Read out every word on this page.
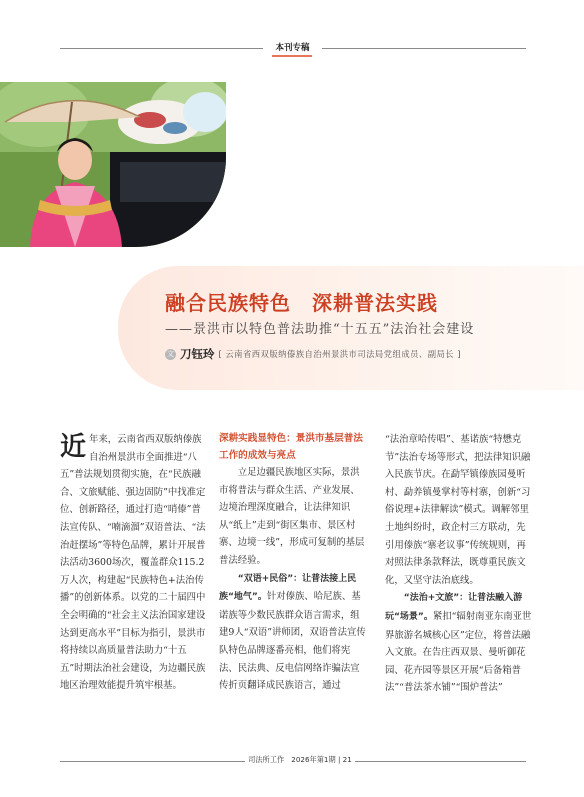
本刊专稿
融合民族特色　深耕普法实践
——景洪市以特色普法助推“十五五”法治社会建设
文 刀钰玲 [ 云南省西双版纳傣族自治州景洪市司法局党组成员、副局长 ]

近年来，云南省西双版纳傣族自治州景洪市全面推进“八五”普法规划贯彻实施，在“民族融合、文旅赋能、强边固防”中找准定位、创新路径，通过打造“哨傣”普法宣传队、“喃滴溜”双语普法、“法治赶摆场”等特色品牌，累计开展普法活动3600场次，覆盖群众115.2万人次，构建起“民族特色+法治传播”的创新体系。以党的二十届四中全会明确的“社会主义法治国家建设达到更高水平”目标为指引，景洪市将持续以高质量普法助力“十五五”时期法治社会建设，为边疆民族地区治理效能提升筑牢根基。

深耕实践显特色：景洪市基层普法工作的成效与亮点

立足边疆民族地区实际，景洪市将普法与群众生活、产业发展、边境治理深度融合，让法律知识从“纸上”走到“街区集市、景区村寨、边境一线”，形成可复制的基层普法经验。

“双语+民俗”：让普法接上民族“地气”。针对傣族、哈尼族、基诺族等少数民族群众语言需求，组建9人“双语”讲师团，双语普法宣传队特色品牌逐番亮相，他们将宪法、民法典、反电信网络诈骗法宣传折页翻译成民族语言，通过

“法治章哈传唱”、基诺族“特懋克节”法治专场等形式，把法律知识融入民族节庆。在勐罕镇傣族园曼听村、勐养镇曼掌村等村寨，创新“习俗说理+法律解读”模式。调解邻里土地纠纷时，政企村三方联动，先引用傣族“寨老议事”传统规则，再对照法律条款释法，既尊重民族文化，又坚守法治底线。

“法治+文旅”：让普法融入游玩“场景”。紧扣“辐射南亚东南亚世界旅游名城核心区”定位，将普法融入文旅。在告庄西双景、曼听御花园、花卉园等景区开展“后备箱普法”“普法茶水铺”“围炉普法”

司法所工作　2026年第1期 | 21
